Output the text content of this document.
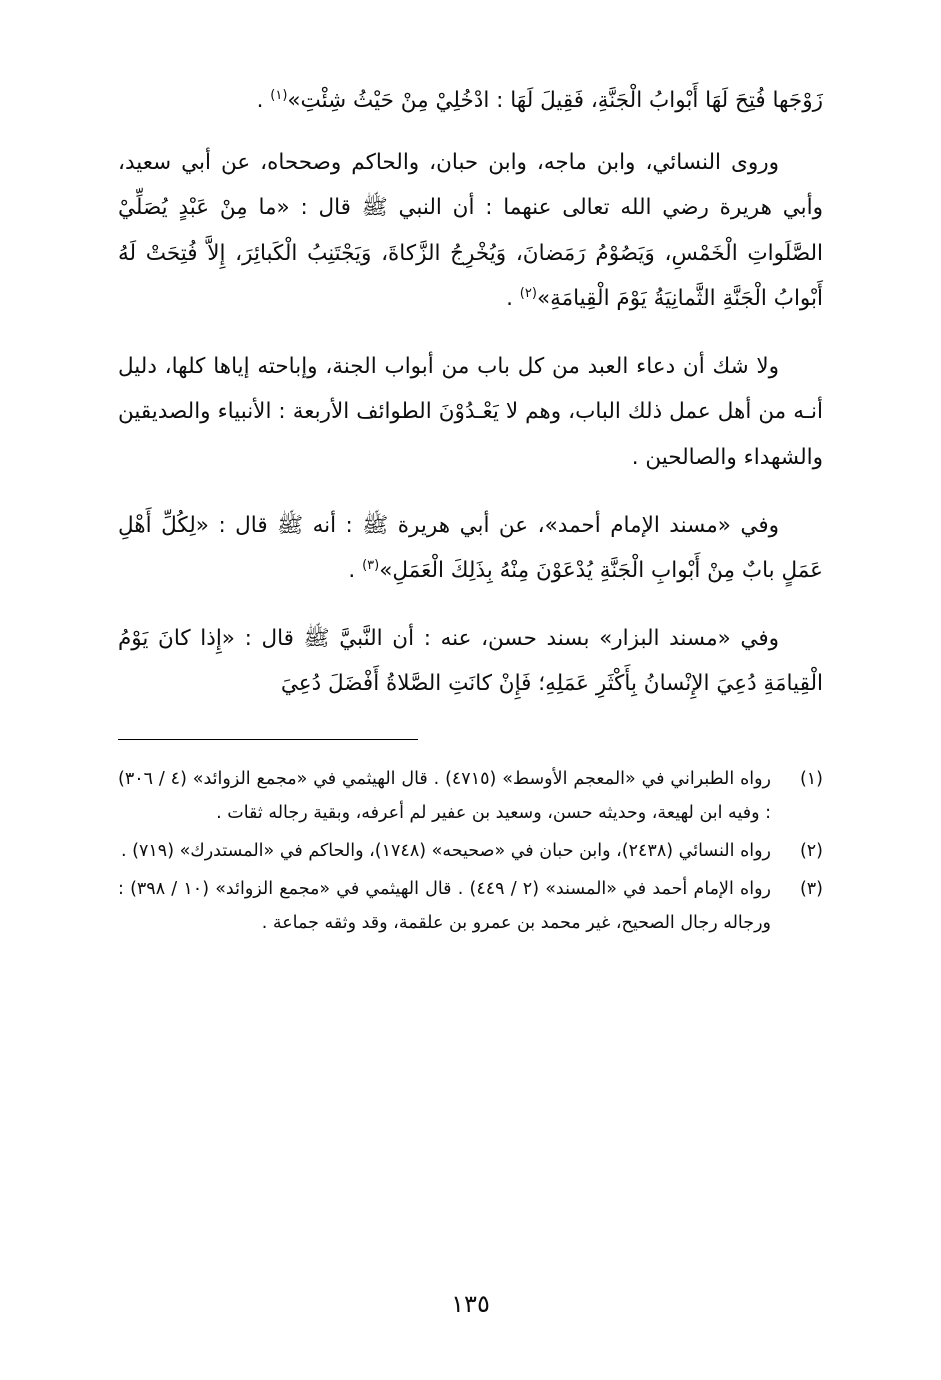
زَوْجَها فُتِحَ لَهَا أَبْوابُ الْجَنَّةِ، فَقِيلَ لَهَا : ادْخُلِيْ مِنْ حَيْثُ شِئْتِ»$^{(١)}$ .

وروى النسائي، وابن ماجه، وابن حبان، والحاكم وصححاه، عن أبي سعيد، وأبي هريرة رضي الله تعالى عنهما : أن النبي ﷺ قال : «ما مِنْ عَبْدٍ يُصَلِّيْ الصَّلَواتِ الْخَمْسِ، وَيَصُوْمُ رَمَضانَ، وَيُخْرِجُ الزَّكاةَ، وَيَجْتَنِبُ الْكَبائِرَ، إِلاَّ فُتِحَتْ لَهُ أَبْوابُ الْجَنَّةِ الثَّمانِيَةُ يَوْمَ الْقِيامَةِ»$^{(٢)}$ .

ولا شك أن دعاء العبد من كل باب من أبواب الجنة، وإباحته إياها كلها، دليل أنـه من أهل عمل ذلك الباب، وهم لا يَعْـدُوْنَ الطوائف الأربعة : الأنبياء والصديقين والشهداء والصالحين .

وفي «مسند الإمام أحمد»، عن أبي هريرة ﷺ : أنه ﷺ قال : «لِكُلِّ أَهْلِ عَمَلٍ بابٌ مِنْ أَبْوابِ الْجَنَّةِ يُدْعَوْنَ مِنْهُ بِذَلِكَ الْعَمَلِ»$^{(٣)}$ .

وفي «مسند البزار» بسند حسن، عنه : أن النَّبيَّ ﷺ قال : «إِذا كانَ يَوْمُ الْقِيامَةِ دُعِيَ الإِنْسانُ بِأَكْثَرِ عَمَلِهِ؛ فَإِنْ كانَتِ الصَّلاةُ أَفْضَلَ دُعِيَ

(١)
رواه الطبراني في «المعجم الأوسط» (٤٧١٥) . قال الهيثمي في «مجمع الزوائد» (٤ / ٣٠٦) : وفيه ابن لهيعة، وحديثه حسن، وسعيد بن عفير لم أعرفه، وبقية رجاله ثقات .
(٢)
رواه النسائي (٢٤٣٨)، وابن حبان في «صحيحه» (١٧٤٨)، والحاكم في «المستدرك» (٧١٩) .
(٣)
رواه الإمام أحمد في «المسند» (٢ / ٤٤٩) . قال الهيثمي في «مجمع الزوائد» (١٠ / ٣٩٨) : ورجاله رجال الصحيح، غير محمد بن عمرو بن علقمة، وقد وثقه جماعة .
١٣٥
